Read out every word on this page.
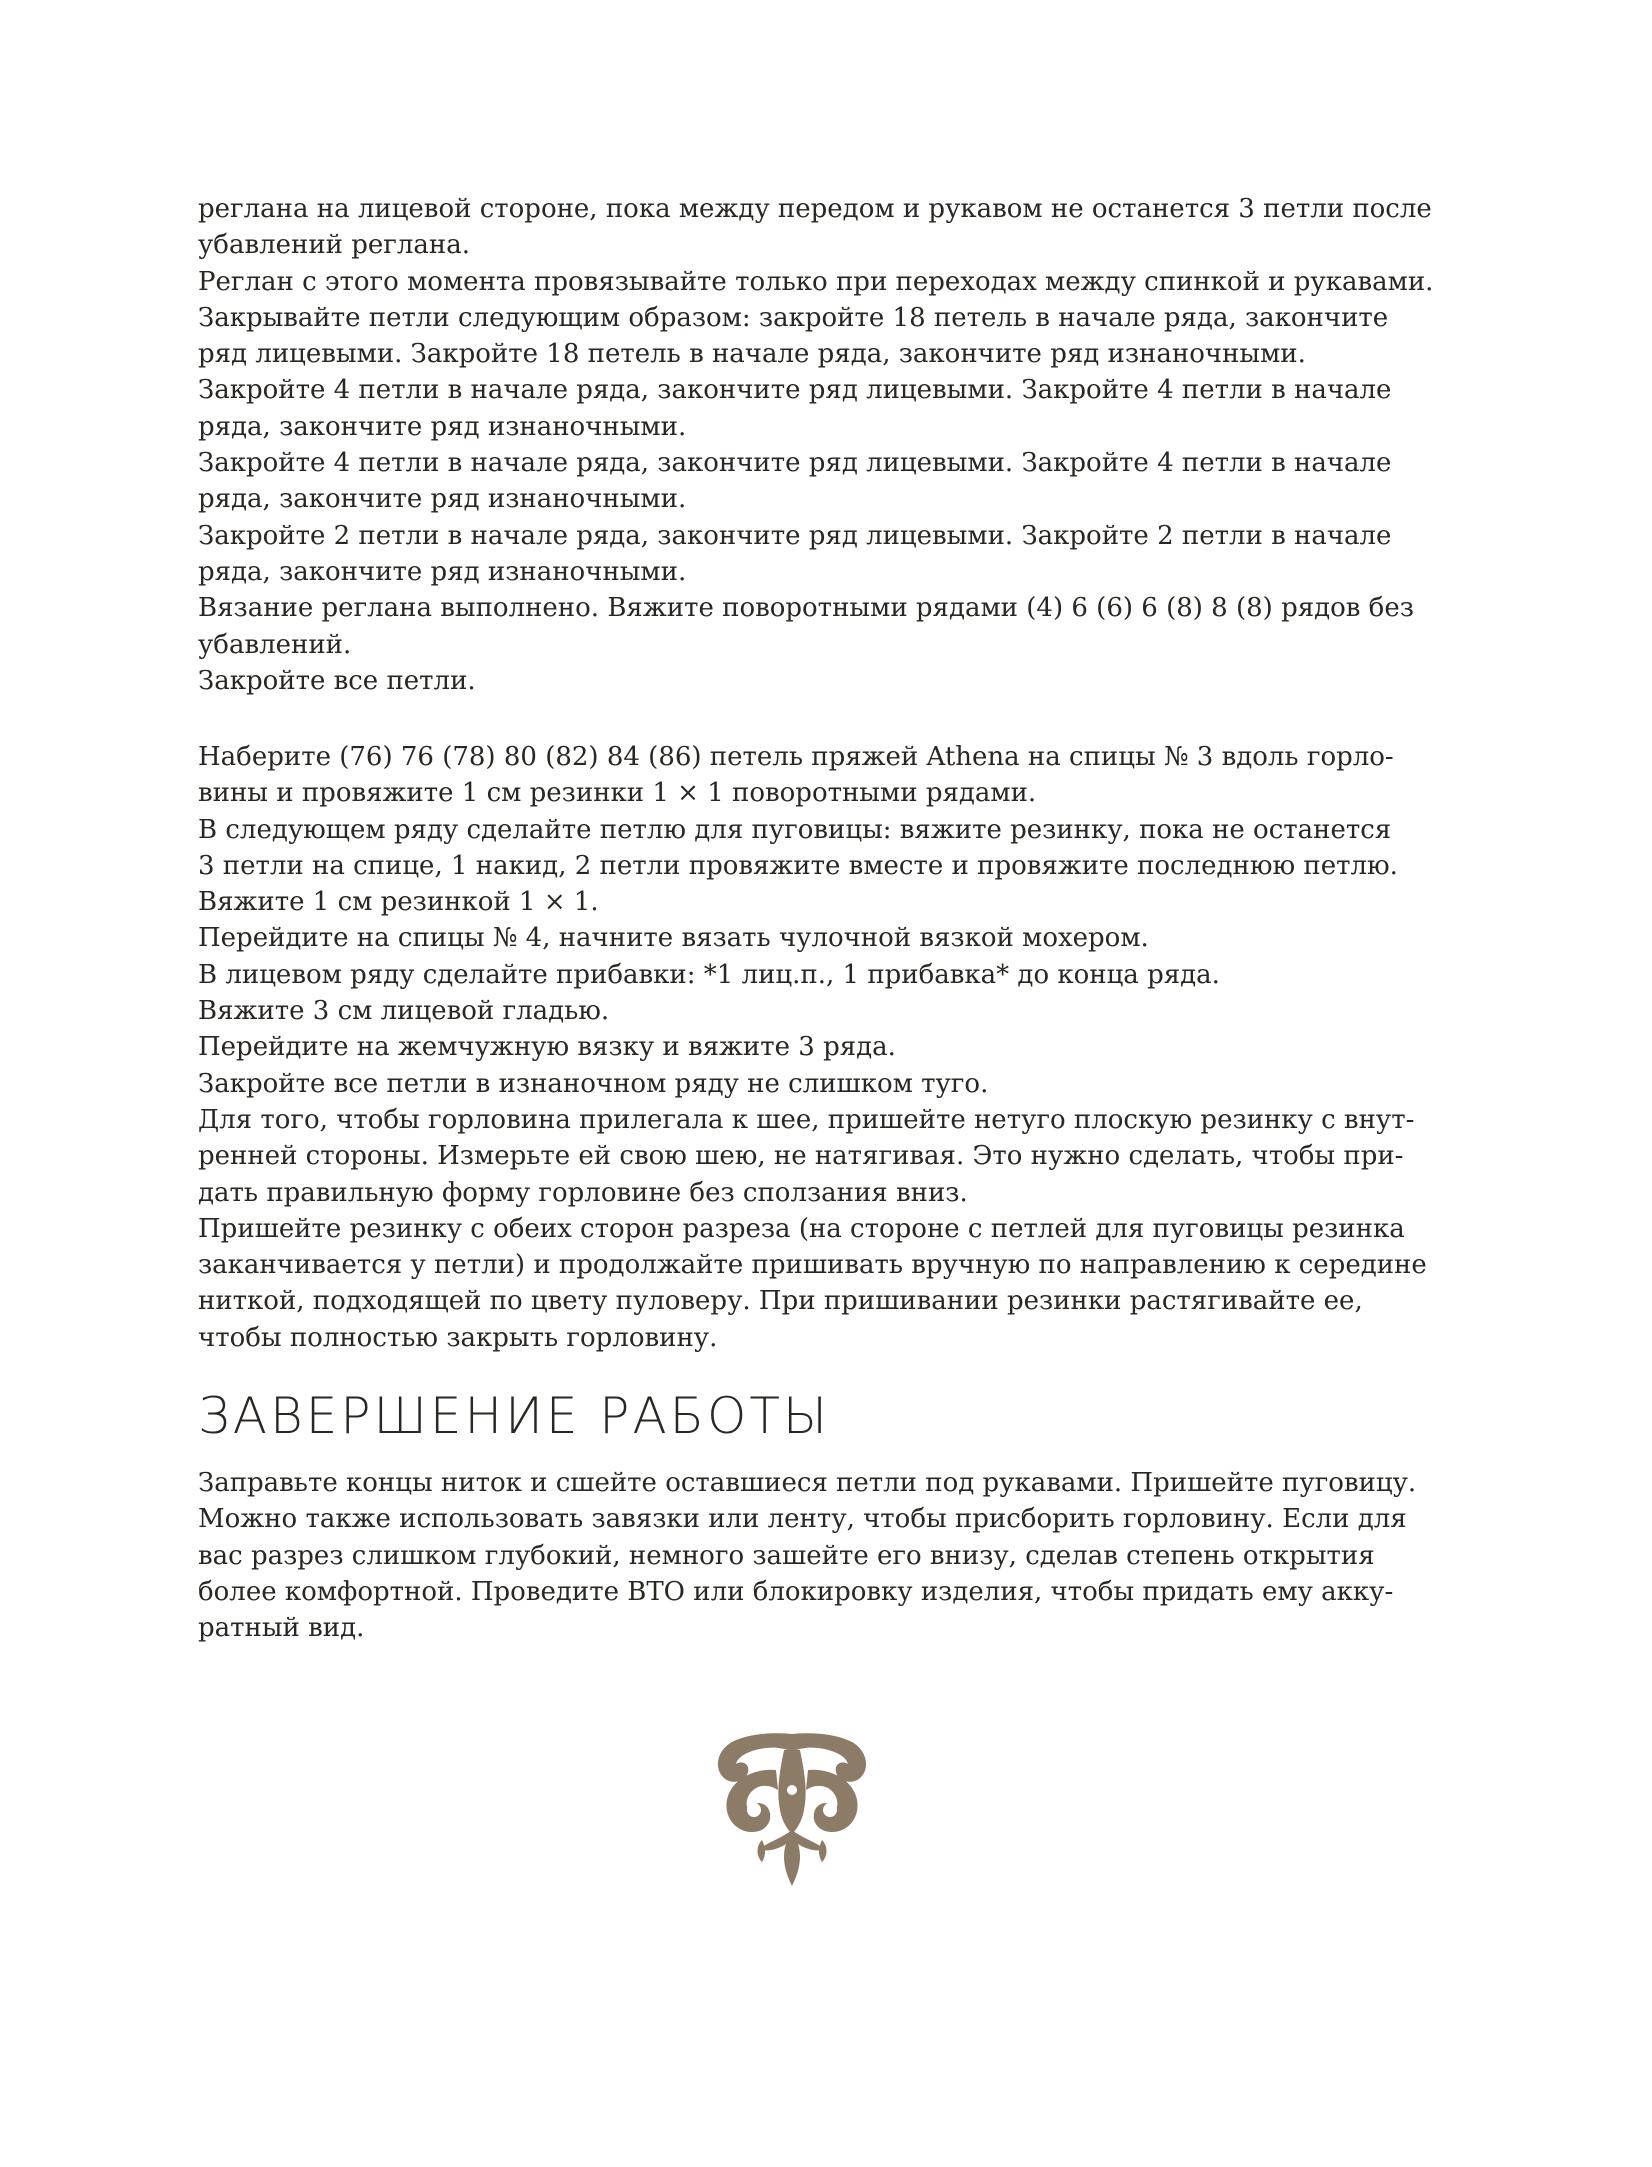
реглана на лицевой стороне, пока между передом и рукавом не останется 3 петли после
убавлений реглана.
Реглан с этого момента провязывайте только при переходах между спинкой и рукавами.
Закрывайте петли следующим образом: закройте 18 петель в начале ряда, закончите
ряд лицевыми. Закройте 18 петель в начале ряда, закончите ряд изнаночными.
Закройте 4 петли в начале ряда, закончите ряд лицевыми. Закройте 4 петли в начале
ряда, закончите ряд изнаночными.
Закройте 4 петли в начале ряда, закончите ряд лицевыми. Закройте 4 петли в начале
ряда, закончите ряд изнаночными.
Закройте 2 петли в начале ряда, закончите ряд лицевыми. Закройте 2 петли в начале
ряда, закончите ряд изнаночными.
Вязание реглана выполнено. Вяжите поворотными рядами (4) 6 (6) 6 (8) 8 (8) рядов без
убавлений.
Закройте все петли.
Наберите (76) 76 (78) 80 (82) 84 (86) петель пряжей Athena на спицы № 3 вдоль горло-
вины и провяжите 1 см резинки 1 × 1 поворотными рядами.
В следующем ряду сделайте петлю для пуговицы: вяжите резинку, пока не останется
3 петли на спице, 1 накид, 2 петли провяжите вместе и провяжите последнюю петлю.
Вяжите 1 см резинкой 1 × 1.
Перейдите на спицы № 4, начните вязать чулочной вязкой мохером.
В лицевом ряду сделайте прибавки: *1 лиц.п., 1 прибавка* до конца ряда.
Вяжите 3 см лицевой гладью.
Перейдите на жемчужную вязку и вяжите 3 ряда.
Закройте все петли в изнаночном ряду не слишком туго.
Для того, чтобы горловина прилегала к шее, пришейте нетуго плоскую резинку с внут-
ренней стороны. Измерьте ей свою шею, не натягивая. Это нужно сделать, чтобы при-
дать правильную форму горловине без сползания вниз.
Пришейте резинку с обеих сторон разреза (на стороне с петлей для пуговицы резинка
заканчивается у петли) и продолжайте пришивать вручную по направлению к середине
ниткой, подходящей по цвету пуловеру. При пришивании резинки растягивайте ее,
чтобы полностью закрыть горловину.
ЗАВЕРШЕНИЕ РАБОТЫ
Заправьте концы ниток и сшейте оставшиеся петли под рукавами. Пришейте пуговицу.
Можно также использовать завязки или ленту, чтобы присборить горловину. Если для
вас разрез слишком глубокий, немного зашейте его внизу, сделав степень открытия
более комфортной. Проведите ВТО или блокировку изделия, чтобы придать ему акку-
ратный вид.
